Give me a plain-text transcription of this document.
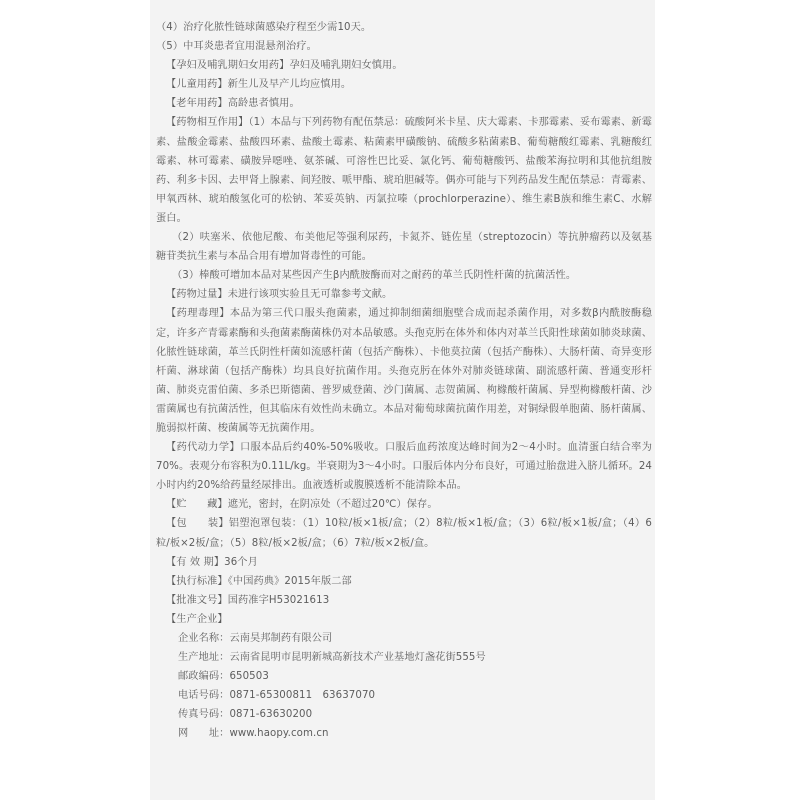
（4）治疗化脓性链球菌感染疗程至少需10天。

（5）中耳炎患者宜用混悬剂治疗。

【孕妇及哺乳期妇女用药】孕妇及哺乳期妇女慎用。

【儿童用药】新生儿及早产儿均应慎用。

【老年用药】高龄患者慎用。

【药物相互作用】（1）本品与下列药物有配伍禁忌：硫酸阿米卡星、庆大霉素、卡那霉素、妥布霉素、新霉素、盐酸金霉素、盐酸四环素、盐酸土霉素、粘菌素甲磺酸钠、硫酸多粘菌素B、葡萄糖酸红霉素、乳糖酸红霉素、林可霉素、磺胺异噁唑、氨茶碱、可溶性巴比妥、氯化钙、葡萄糖酸钙、盐酸苯海拉明和其他抗组胺药、利多卡因、去甲肾上腺素、间羟胺、哌甲酯、琥珀胆碱等。偶亦可能与下列药品发生配伍禁忌：青霉素、甲氧西林、琥珀酸氢化可的松钠、苯妥英钠、丙氯拉嗪（prochlorperazine）、维生素B族和维生素C、水解蛋白。

（2）呋塞米、依他尼酸、布美他尼等强利尿药，卡氮芥、链佐星（streptozocin）等抗肿瘤药以及氨基糖苷类抗生素与本品合用有增加肾毒性的可能。

（3）棒酸可增加本品对某些因产生β内酰胺酶而对之耐药的革兰氏阴性杆菌的抗菌活性。

【药物过量】未进行该项实验且无可靠参考文献。

【药理毒理】本品为第三代口服头孢菌素，通过抑制细菌细胞壁合成而起杀菌作用，对多数β内酰胺酶稳定，许多产青霉素酶和头孢菌素酶菌株仍对本品敏感。头孢克肟在体外和体内对革兰氏阳性球菌如肺炎球菌、化脓性链球菌，革兰氏阴性杆菌如流感杆菌（包括产酶株）、卡他莫拉菌（包括产酶株）、大肠杆菌、奇异变形杆菌、淋球菌（包括产酶株）均具良好抗菌作用。头孢克肟在体外对肺炎链球菌、副流感杆菌、普通变形杆菌、肺炎克雷伯菌、多杀巴斯德菌、普罗威登菌、沙门菌属、志贺菌属、枸橼酸杆菌属、异型枸橼酸杆菌、沙雷菌属也有抗菌活性，但其临床有效性尚未确立。本品对葡萄球菌抗菌作用差，对铜绿假单胞菌、肠杆菌属、脆弱拟杆菌、梭菌属等无抗菌作用。

【药代动力学】口服本品后约40%-50%吸收。口服后血药浓度达峰时间为2～4小时。血清蛋白结合率为70%。表观分布容积为0.11L/kg。半衰期为3～4小时。口服后体内分布良好，可通过胎盘进入脐儿循环。24小时内约20%给药量经尿排出。血液透析或腹膜透析不能清除本品。

【贮　　藏】遮光，密封，在阴凉处（不超过20℃）保存。

【包　　装】铝塑泡罩包装：（1）10粒/板×1板/盒；（2）8粒/板×1板/盒；（3）6粒/板×1板/盒；（4）6粒/板×2板/盒；（5）8粒/板×2板/盒；（6）7粒/板×2板/盒。

【有 效 期】36个月

【执行标准】《中国药典》2015年版二部

【批准文号】国药准字H53021613

【生产企业】

企业名称：云南昊邦制药有限公司

生产地址：云南省昆明市昆明新城高新技术产业基地灯盏花街555号

邮政编码：650503

电话号码：0871-65300811　63637070

传真号码：0871-63630200

网　　址：www.haopy.com.cn
